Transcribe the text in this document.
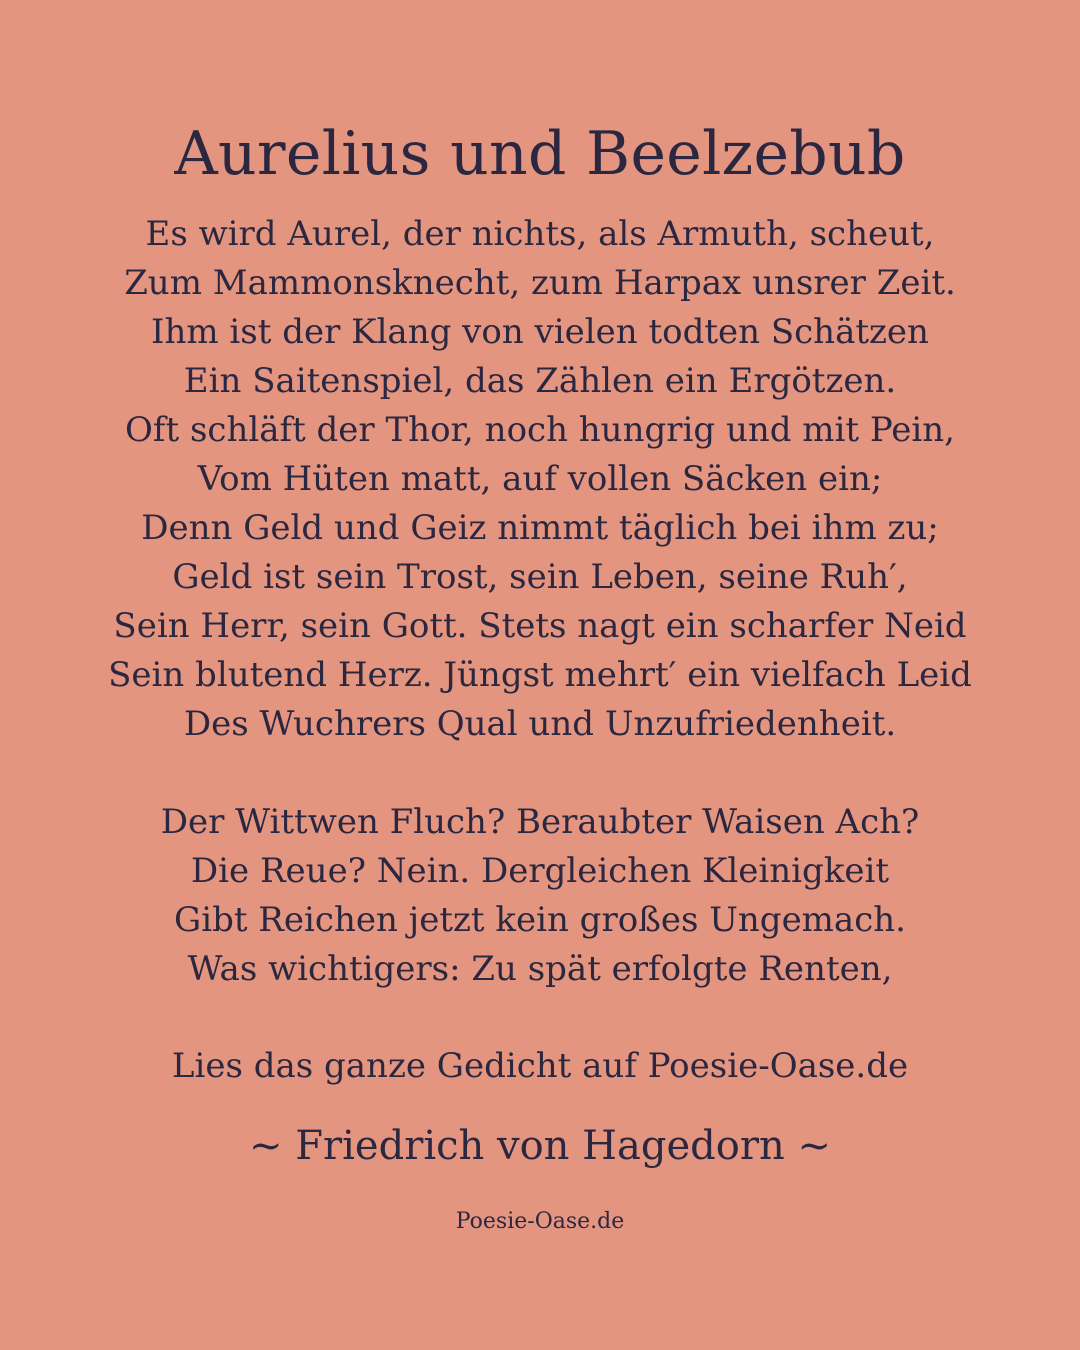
Aurelius und Beelzebub

Es wird Aurel, der nichts, als Armuth, scheut,
Zum Mammonsknecht, zum Harpax unsrer Zeit.
Ihm ist der Klang von vielen todten Schätzen
Ein Saitenspiel, das Zählen ein Ergötzen.
Oft schläft der Thor, noch hungrig und mit Pein,
Vom Hüten matt, auf vollen Säcken ein;
Denn Geld und Geiz nimmt täglich bei ihm zu;
Geld ist sein Trost, sein Leben, seine Ruh′,
Sein Herr, sein Gott. Stets nagt ein scharfer Neid
Sein blutend Herz. Jüngst mehrt′ ein vielfach Leid
Des Wuchrers Qual und Unzufriedenheit.

Der Wittwen Fluch? Beraubter Waisen Ach?
Die Reue? Nein. Dergleichen Kleinigkeit
Gibt Reichen jetzt kein großes Ungemach.
Was wichtigers: Zu spät erfolgte Renten,

Lies das ganze Gedicht auf Poesie-Oase.de
~ Friedrich von Hagedorn ~
Poesie-Oase.de
